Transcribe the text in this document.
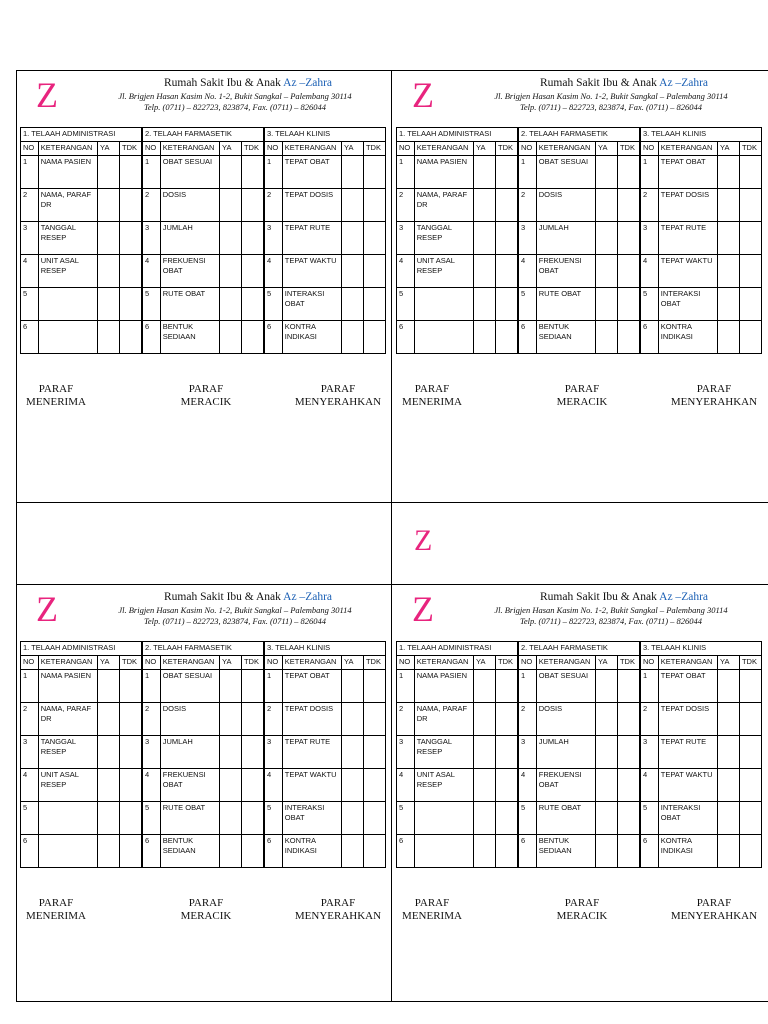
Z
Z	Rumah Sakit Ibu & Anak Az –Zahra
Jl. Brigjen Hasan Kasim No. 1-2, Bukit Sangkal – Palembang 30114
Telp. (0711) – 822723, 823874, Fax. (0711) – 826044
1. TELAAH ADMINISTRASI				2. TELAAH FARMASETIK				3. TELAAH KLINIS			
NO	KETERANGAN	YA	TDK	NO	KETERANGAN	YA	TDK	NO	KETERANGAN	YA	TDK
1	NAMA PASIEN			1	OBAT SESUAI			1	TEPAT OBAT		
2	NAMA, PARAF DR			2	DOSIS			2	TEPAT DOSIS		
3	TANGGAL RESEP			3	JUMLAH			3	TEPAT RUTE		
4	UNIT ASAL RESEP			4	FREKUENSI OBAT			4	TEPAT WAKTU		
5				5	RUTE OBAT			5	INTERAKSI OBAT		
6				6	BENTUK SEDIAAN			6	KONTRA INDIKASI		
PARAF
MENERIMA
PARAF
MERACIK
PARAF
MENYERAHKAN
Z	Rumah Sakit Ibu & Anak Az –Zahra
Jl. Brigjen Hasan Kasim No. 1-2, Bukit Sangkal – Palembang 30114
Telp. (0711) – 822723, 823874, Fax. (0711) – 826044
1. TELAAH ADMINISTRASI				2. TELAAH FARMASETIK				3. TELAAH KLINIS			
NO	KETERANGAN	YA	TDK	NO	KETERANGAN	YA	TDK	NO	KETERANGAN	YA	TDK
1	NAMA PASIEN			1	OBAT SESUAI			1	TEPAT OBAT		
2	NAMA, PARAF DR			2	DOSIS			2	TEPAT DOSIS		
3	TANGGAL RESEP			3	JUMLAH			3	TEPAT RUTE		
4	UNIT ASAL RESEP			4	FREKUENSI OBAT			4	TEPAT WAKTU		
5				5	RUTE OBAT			5	INTERAKSI OBAT		
6				6	BENTUK SEDIAAN			6	KONTRA INDIKASI		
PARAF
MENERIMA
PARAF
MERACIK
PARAF
MENYERAHKAN
Z	Rumah Sakit Ibu & Anak Az –Zahra
Jl. Brigjen Hasan Kasim No. 1-2, Bukit Sangkal – Palembang 30114
Telp. (0711) – 822723, 823874, Fax. (0711) – 826044
1. TELAAH ADMINISTRASI				2. TELAAH FARMASETIK				3. TELAAH KLINIS			
NO	KETERANGAN	YA	TDK	NO	KETERANGAN	YA	TDK	NO	KETERANGAN	YA	TDK
1	NAMA PASIEN			1	OBAT SESUAI			1	TEPAT OBAT		
2	NAMA, PARAF DR			2	DOSIS			2	TEPAT DOSIS		
3	TANGGAL RESEP			3	JUMLAH			3	TEPAT RUTE		
4	UNIT ASAL RESEP			4	FREKUENSI OBAT			4	TEPAT WAKTU		
5				5	RUTE OBAT			5	INTERAKSI OBAT		
6				6	BENTUK SEDIAAN			6	KONTRA INDIKASI		
PARAF
MENERIMA
PARAF
MERACIK
PARAF
MENYERAHKAN
Z	Rumah Sakit Ibu & Anak Az –Zahra
Jl. Brigjen Hasan Kasim No. 1-2, Bukit Sangkal – Palembang 30114
Telp. (0711) – 822723, 823874, Fax. (0711) – 826044
1. TELAAH ADMINISTRASI				2. TELAAH FARMASETIK				3. TELAAH KLINIS			
NO	KETERANGAN	YA	TDK	NO	KETERANGAN	YA	TDK	NO	KETERANGAN	YA	TDK
1	NAMA PASIEN			1	OBAT SESUAI			1	TEPAT OBAT		
2	NAMA, PARAF DR			2	DOSIS			2	TEPAT DOSIS		
3	TANGGAL RESEP			3	JUMLAH			3	TEPAT RUTE		
4	UNIT ASAL RESEP			4	FREKUENSI OBAT			4	TEPAT WAKTU		
5				5	RUTE OBAT			5	INTERAKSI OBAT		
6				6	BENTUK SEDIAAN			6	KONTRA INDIKASI		
PARAF
MENERIMA
PARAF
MERACIK
PARAF
MENYERAHKAN
